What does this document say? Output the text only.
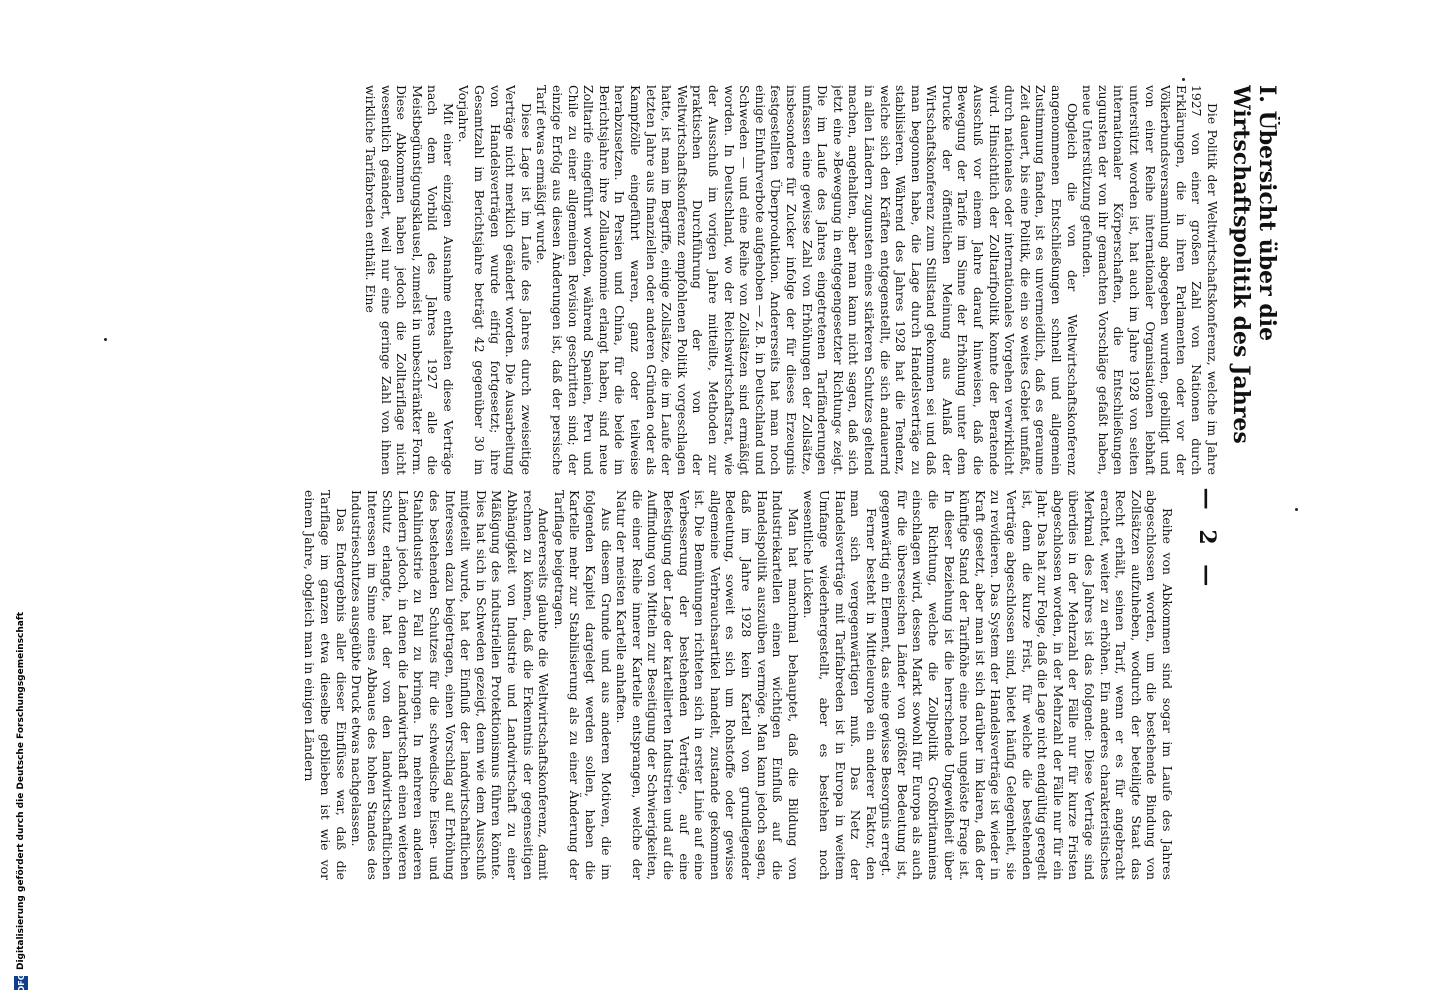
DFG
Digitalisierung gefördert durch die Deutsche Forschungsgemeinschaft
— 2 —
I. Übersicht über die Wirtschaftspolitik des Jahres

Die Politik der Weltwirtschaftskonferenz, welche im Jahre 1927 von einer großen Zahl von Nationen durch Erklärungen, die in ihren Parlamenten oder vor der Völkerbundsversammlung abgegeben wurden, gebilligt und von einer Reihe internationaler Organisationen lebhaft unterstützt worden ist, hat auch im Jahre 1928 von seiten internationaler Körperschaften, die Entschließungen zugunsten der von ihr gemachten Vorschläge gefaßt haben, neue Unterstützung gefunden.

Obgleich die von der Weltwirtschaftskonferenz angenommenen Entschließungen schnell und allgemein Zustimmung fanden, ist es unvermeidlich, daß es geraume Zeit dauert, bis eine Politik, die ein so weites Gebiet umfaßt, durch nationales oder internationales Vorgehen verwirklicht wird. Hinsichtlich der Zolltarifpolitik konnte der Beratende Ausschuß vor einem Jahre darauf hinweisen, daß die Bewegung der Tarife im Sinne der Erhöhung unter dem Drucke der öffentlichen Meinung aus Anlaß der Wirtschaftskonferenz zum Stillstand gekommen sei und daß man begonnen habe, die Lage durch Handelsverträge zu stabilisieren. Während des Jahres 1928 hat die Tendenz, welche sich den Kräften entgegenstellt, die sich andauernd in allen Ländern zugunsten eines stärkeren Schutzes geltend machen, angehalten, aber man kann nicht sagen, daß sich jetzt eine »Bewegung in entgegengesetzter Richtung« zeigt. Die im Laufe des Jahres eingetretenen Tarifänderungen umfassen eine gewisse Zahl von Erhöhungen der Zollsätze, insbesondere für Zucker infolge der für dieses Erzeugnis festgestellten Überproduktion. Andererseits hat man noch einige Einfuhrverbote aufgehoben — z. B. in Deutschland und Schweden — und eine Reihe von Zollsätzen sind ermäßigt worden. In Deutschland, wo der Reichswirtschaftsrat, wie der Ausschuß im vorigen Jahre mitteilte, Methoden zur praktischen Durchführung der von der Weltwirtschaftskonferenz empfohlenen Politik vorgeschlagen hatte, ist man im Begriffe, einige Zollsätze, die im Laufe der letzten Jahre aus finanziellen oder anderen Gründen oder als Kampfzölle eingeführt waren, ganz oder teilweise herabzusetzen. In Persien und China, für die beide im Berichtsjahre ihre Zollautonomie erlangt haben, sind neue Zolltarife eingeführt worden, während Spanien, Peru und Chile zu einer allgemeinen Revision geschritten sind; der einzige Erfolg aus diesen Änderungen ist, daß der persische Tarif etwas ermäßigt wurde.

Diese Lage ist im Laufe des Jahres durch zweiseitige Verträge nicht merklich geändert worden. Die Ausarbeitung von Handelsverträgen wurde eifrig fortgesetzt; ihre Gesamtzahl im Berichtsjahre beträgt 42 gegenüber 30 im Vorjahre.

Mit einer einzigen Ausnahme enthalten diese Verträge nach dem Vorbild des Jahres 1927 alle die Meistbegünstigungsklausel, zumeist in unbeschränkter Form. Diese Abkommen haben jedoch die Zolltariflage nicht wesentlich geändert, weil nur eine geringe Zahl von ihnen wirkliche Tarifabreden enthält. Eine

Reihe von Abkommen sind sogar im Laufe des Jahres abgeschlossen worden, um die bestehende Bindung von Zollsätzen aufzuheben, wodurch der beteiligte Staat das Recht erhält, seinen Tarif, wenn er es für angebracht erachtet, weiter zu erhöhen. Ein anderes charakteristisches Merkmal des Jahres ist das folgende: Diese Verträge sind überdies in der Mehrzahl der Fälle nur für kurze Fristen abgeschlossen worden, in der Mehrzahl der Fälle nur für ein Jahr. Das hat zur Folge, daß die Lage nicht endgültig geregelt ist, denn die kurze Frist, für welche die bestehenden Verträge abgeschlossen sind, bietet häufig Gelegenheit, sie zu revidieren. Das System der Handelsverträge ist wieder in Kraft gesetzt, aber man ist sich darüber im klaren, daß der künftige Stand der Tarifhöhe eine noch ungelöste Frage ist. In dieser Beziehung ist die herrschende Ungewißheit über die Richtung, welche die Zollpolitik Großbritanniens einschlagen wird, dessen Markt sowohl für Europa als auch für die überseeischen Länder von größter Bedeutung ist, gegenwärtig ein Element, das eine gewisse Besorgnis erregt.

Ferner besteht in Mitteleuropa ein anderer Faktor, den man sich vergegenwärtigen muß. Das Netz der Handelsverträge mit Tarifabreden ist in Europa in weitem Umfange wiederhergestellt, aber es bestehen noch wesentliche Lücken.

Man hat manchmal behauptet, daß die Bildung von Industriekartellen einen wichtigen Einfluß auf die Handelspolitik auszuüben vermöge. Man kann jedoch sagen, daß im Jahre 1928 kein Kartell von grundlegender Bedeutung, soweit es sich um Rohstoffe oder gewisse allgemeine Verbrauchsartikel handelt, zustande gekommen ist. Die Bemühungen richteten sich in erster Linie auf eine Verbesserung der bestehenden Verträge, auf eine Befestigung der Lage der kartellierten Industrien und auf die Auffindung von Mitteln zur Beseitigung der Schwierigkeiten, die einer Reihe innerer Kartelle entsprangen, welche der Natur der meisten Kartelle anhaften.

Aus diesem Grunde und aus anderen Motiven, die im folgenden Kapitel dargelegt werden sollen, haben die Kartelle mehr zur Stabilisierung als zu einer Änderung der Tariflage beigetragen.

Andererseits glaubte die Weltwirtschaftskonferenz, damit rechnen zu können, daß die Erkenntnis der gegenseitigen Abhängigkeit von Industrie und Landwirtschaft zu einer Mäßigung des industriellen Protektionismus führen könnte. Dies hat sich in Schweden gezeigt, denn wie dem Ausschuß mitgeteilt wurde, hat der Einfluß der landwirtschaftlichen Interessen dazu beigetragen, einen Vorschlag auf Erhöhung des bestehenden Schutzes für die schwedische Eisen- und Stahlindustrie zu Fall zu bringen. In mehreren anderen Ländern jedoch, in denen die Landwirtschaft einen weiteren Schutz erlangte, hat der von den landwirtschaftlichen Interessen im Sinne eines Abbaues des hohen Standes des Industrieschutzes ausgeübte Druck etwas nachgelassen.

Das Endergebnis aller dieser Einflüsse war, daß die Tariflage im ganzen etwa dieselbe geblieben ist wie vor einem Jahre, obgleich man in einigen Ländern
